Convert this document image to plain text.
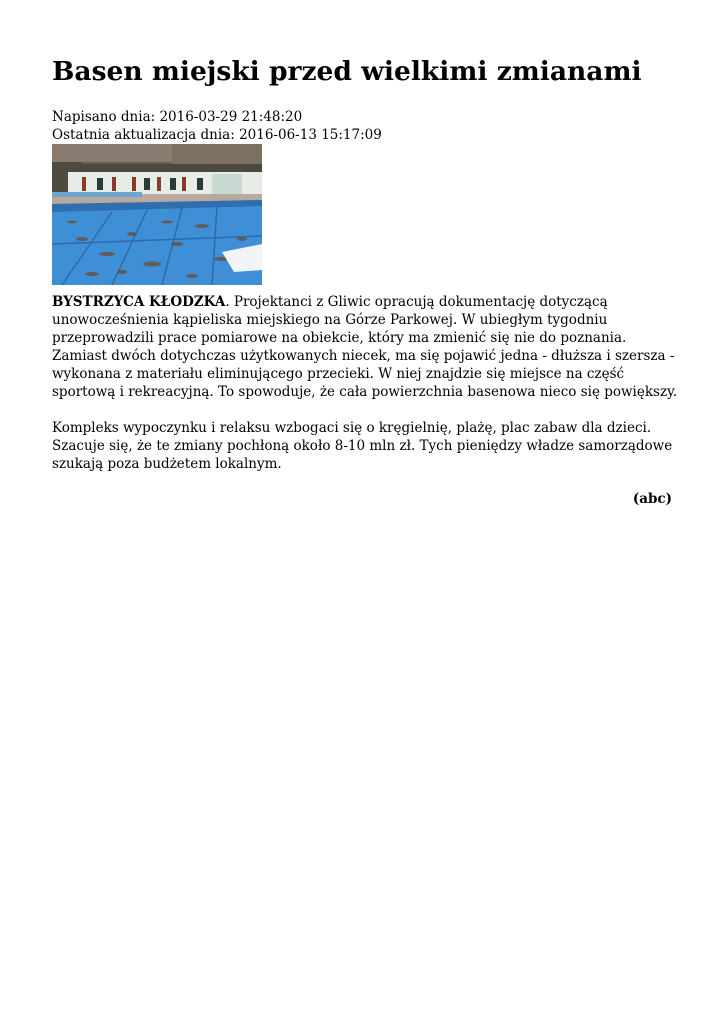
Basen miejski przed wielkimi zmianami
Napisano dnia: 2016-03-29 21:48:20
Ostatnia aktualizacja dnia: 2016-06-13 15:17:09

BYSTRZYCA KŁODZKA. Projektanci z Gliwic opracują dokumentację dotyczącą unowocześnienia kąpieliska miejskiego na Górze Parkowej. W ubiegłym tygodniu przeprowadzili prace pomiarowe na obiekcie, który ma zmienić się nie do poznania. Zamiast dwóch dotychczas użytkowanych niecek, ma się pojawić jedna - dłuższa i szersza - wykonana z materiału eliminującego przecieki. W niej znajdzie się miejsce na część sportową i rekreacyjną. To spowoduje, że cała powierzchnia basenowa nieco się powiększy.

Kompleks wypoczynku i relaksu wzbogaci się o kręgielnię, plażę, plac zabaw dla dzieci. Szacuje się, że te zmiany pochłoną około 8-10 mln zł. Tych pieniędzy władze samorządowe szukają poza budżetem lokalnym.

(abc)
